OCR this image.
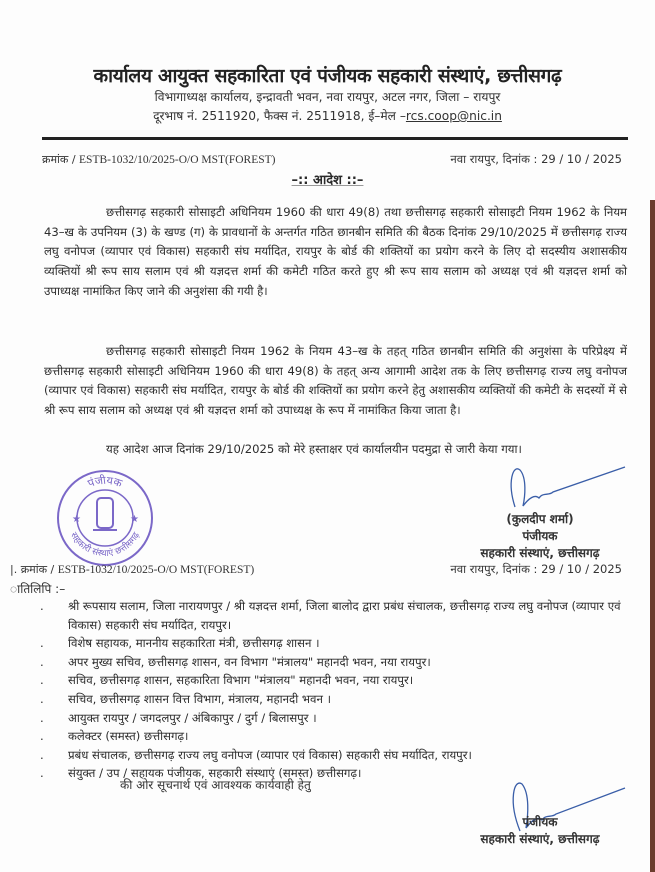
कार्यालय आयुक्त सहकारिता एवं पंजीयक सहकारी संस्थाएं, छत्तीसगढ़
विभागाध्यक्ष कार्यालय, इन्द्रावती भवन, नवा रायपुर, अटल नगर, जिला – रायपुर
दूरभाष नं. 2511920, फैक्स नं. 2511918, ई–मेल –rcs.coop@nic.in
क्रमांक / ESTB-1032/10/2025-O/O MST(FOREST)	नवा रायपुर, दिनांक : 29 / 10 / 2025
–:: आदेश ::–
छत्तीसगढ़ सहकारी सोसाइटी अधिनियम 1960 की धारा 49(8) तथा छत्तीसगढ़ सहकारी सोसाइटी नियम 1962 के नियम 43–ख के उपनियम (3) के खण्ड (ग) के प्रावधानों के अन्तर्गत गठित छानबीन समिति की बैठक दिनांक 29/10/2025 में छत्तीसगढ़ राज्य लघु वनोपज (व्यापार एवं विकास) सहकारी संघ मर्यादित, रायपुर के बोर्ड की शक्तियों का प्रयोग करने के लिए दो सदस्यीय अशासकीय व्यक्तियों श्री रूप साय सलाम एवं श्री यज्ञदत्त शर्मा की कमेटी गठित करते हुए श्री रूप साय सलाम को अध्यक्ष एवं श्री यज्ञदत्त शर्मा को उपाध्यक्ष नामांकित किए जाने की अनुशंसा की गयी है।
छत्तीसगढ़ सहकारी सोसाइटी नियम 1962 के नियम 43–ख के तहत् गठित छानबीन समिति की अनुशंसा के परिप्रेक्ष्य में छत्तीसगढ़ सहकारी सोसाइटी अधिनियम 1960 की धारा 49(8) के तहत् अन्य आगामी आदेश तक के लिए छत्तीसगढ़ राज्य लघु वनोपज (व्यापार एवं विकास) सहकारी संघ मर्यादित, रायपुर के बोर्ड की शक्तियों का प्रयोग करने हेतु अशासकीय व्यक्तियों की कमेटी के सदस्यों में से श्री रूप साय सलाम को अध्यक्ष एवं श्री यज्ञदत्त शर्मा को उपाध्यक्ष के रूप में नामांकित किया जाता है।
यह आदेश आज दिनांक 29/10/2025 को मेरे हस्ताक्षर एवं कार्यालयीन पदमुद्रा से जारी केया गया।
पंजीयक
सहकारी संस्थाएं छत्तीसगढ़
★	★	(कुलदीप शर्मा)
पंजीयक
सहकारी संस्थाएं, छत्तीसगढ़
|. क्रमांक / ESTB-1032/10/2025-O/O MST(FOREST)	नवा रायपुर, दिनांक : 29 / 10 / 2025
ातिलिपि :–
. श्री रूपसाय सलाम, जिला नारायणपुर / श्री यज्ञदत्त शर्मा, जिला बालोद द्वारा प्रबंध संचालक, छत्तीसगढ़ राज्य लघु वनोपज (व्यापार एवं विकास) सहकारी संघ मर्यादित, रायपुर।
. विशेष सहायक, माननीय सहकारिता मंत्री, छत्तीसगढ़ शासन ।
. अपर मुख्य सचिव, छत्तीसगढ़ शासन, वन विभाग "मंत्रालय" महानदी भवन, नया रायपुर।
. सचिव, छत्तीसगढ़ शासन, सहकारिता विभाग "मंत्रालय" महानदी भवन, नया रायपुर।
. सचिव, छत्तीसगढ़ शासन वित्त विभाग, मंत्रालय, महानदी भवन ।
. आयुक्त रायपुर / जगदलपुर / अंबिकापुर / दुर्ग / बिलासपुर ।
. कलेक्टर (समस्त) छत्तीसगढ़।
. प्रबंध संचालक, छत्तीसगढ़ राज्य लघु वनोपज (व्यापार एवं विकास) सहकारी संघ मर्यादित, रायपुर।
. संयुक्त / उप / सहायक पंजीयक, सहकारी संस्थाएं (समस्त) छत्तीसगढ़।
की ओर सूचनार्थ एवं आवश्यक कार्यवाही हेतु
पंजीयक
सहकारी संस्थाएं, छत्तीसगढ़
